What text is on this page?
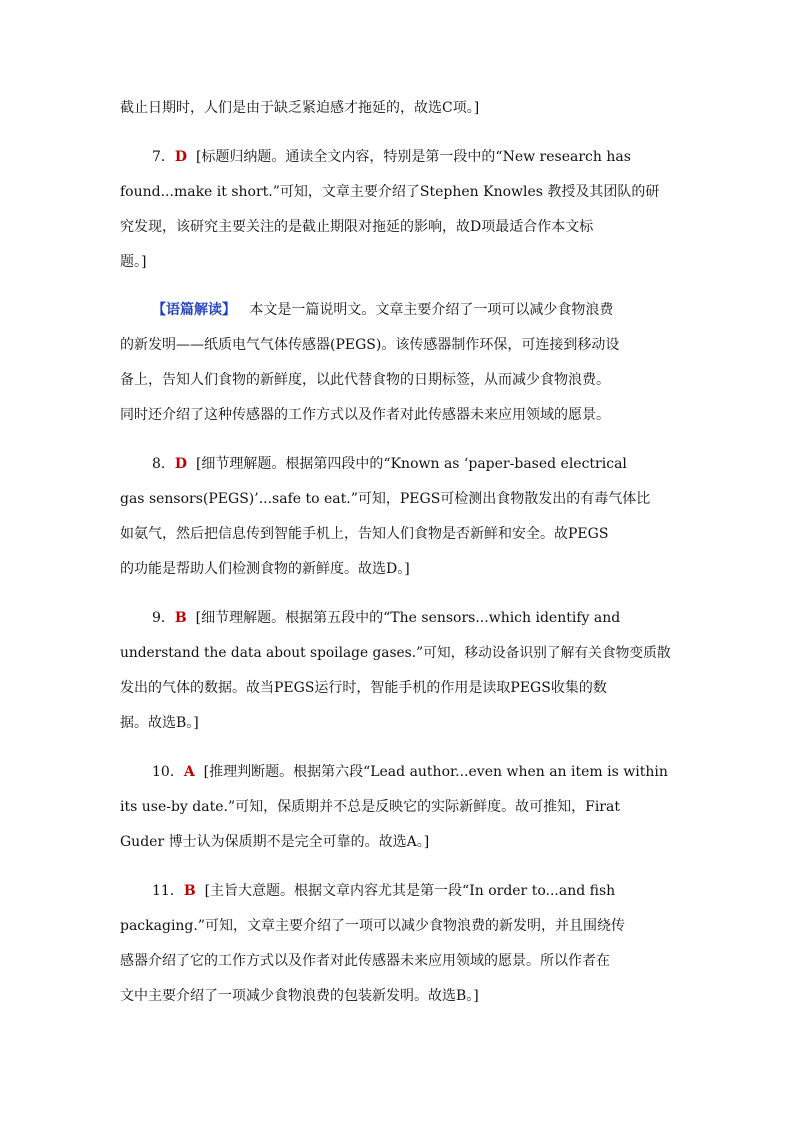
截止日期时，人们是由于缺乏紧迫感才拖延的，故选C项。]
7．D [标题归纳题。通读全文内容，特别是第一段中的“New research has
found...make it short.”可知，文章主要介绍了Stephen Knowles 教授及其团队的研
究发现，该研究主要关注的是截止期限对拖延的影响，故D项最适合作本文标
题。]
【语篇解读】 本文是一篇说明文。文章主要介绍了一项可以减少食物浪费
的新发明——纸质电气气体传感器(PEGS)。该传感器制作环保，可连接到移动设
备上，告知人们食物的新鲜度，以此代替食物的日期标签，从而减少食物浪费。
同时还介绍了这种传感器的工作方式以及作者对此传感器未来应用领域的愿景。
8．D [细节理解题。根据第四段中的“Known as ‘paper-based electrical
gas sensors(PEGS)’...safe to eat.”可知，PEGS可检测出食物散发出的有毒气体比
如氨气，然后把信息传到智能手机上，告知人们食物是否新鲜和安全。故PEGS
的功能是帮助人们检测食物的新鲜度。故选D。]
9．B [细节理解题。根据第五段中的“The sensors...which identify and
understand the data about spoilage gases.”可知，移动设备识别了解有关食物变质散
发出的气体的数据。故当PEGS运行时，智能手机的作用是读取PEGS收集的数
据。故选B。]
10．A [推理判断题。根据第六段“Lead author...even when an item is within
its use-by date.”可知，保质期并不总是反映它的实际新鲜度。故可推知，Firat
Guder 博士认为保质期不是完全可靠的。故选A。]
11．B [主旨大意题。根据文章内容尤其是第一段“In order to...and fish
packaging.”可知，文章主要介绍了一项可以减少食物浪费的新发明，并且围绕传
感器介绍了它的工作方式以及作者对此传感器未来应用领域的愿景。所以作者在
文中主要介绍了一项减少食物浪费的包装新发明。故选B。]
